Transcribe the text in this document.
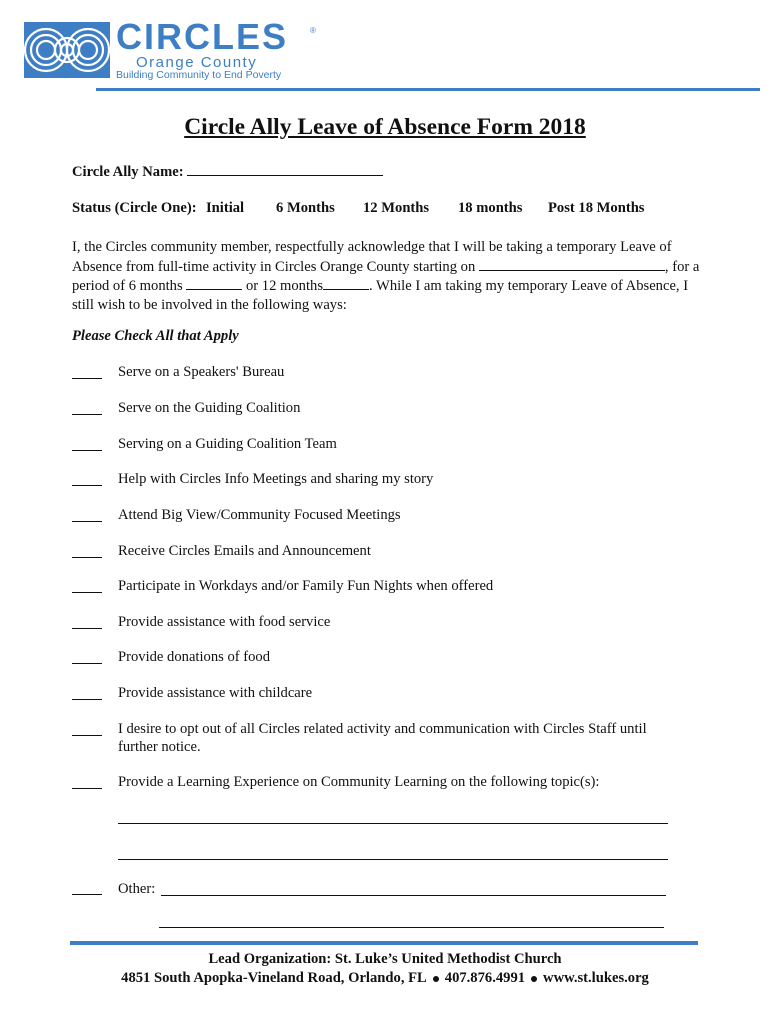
CIRCLES	®
Orange County
Building Community to End Poverty
Circle Ally Leave of Absence Form 2018
Circle Ally Name:
Status (Circle One): Initial 6 Months 12 Months 18 months Post 18 Months
I, the Circles community member, respectfully acknowledge that I will be taking a temporary Leave of Absence from full-time activity in Circles Orange County starting on	, for a period of 6 months	or 12 months	. While I am taking my temporary Leave of Absence, I still wish to be involved in the following ways:
Please Check All that Apply
Serve on a Speakers' Bureau
Serve on the Guiding Coalition
Serving on a Guiding Coalition Team
Help with Circles Info Meetings and sharing my story
Attend Big View/Community Focused Meetings
Receive Circles Emails and Announcement
Participate in Workdays and/or Family Fun Nights when offered
Provide assistance with food service
Provide donations of food
Provide assistance with childcare
I desire to opt out of all Circles related activity and communication with Circles Staff until further notice.
Provide a Learning Experience on Community Learning on the following topic(s):
Other:
Lead Organization: St. Luke’s United Methodist Church
4851 South Apopka-Vineland Road, Orlando, FL 407.876.4991 www.st.lukes.org
